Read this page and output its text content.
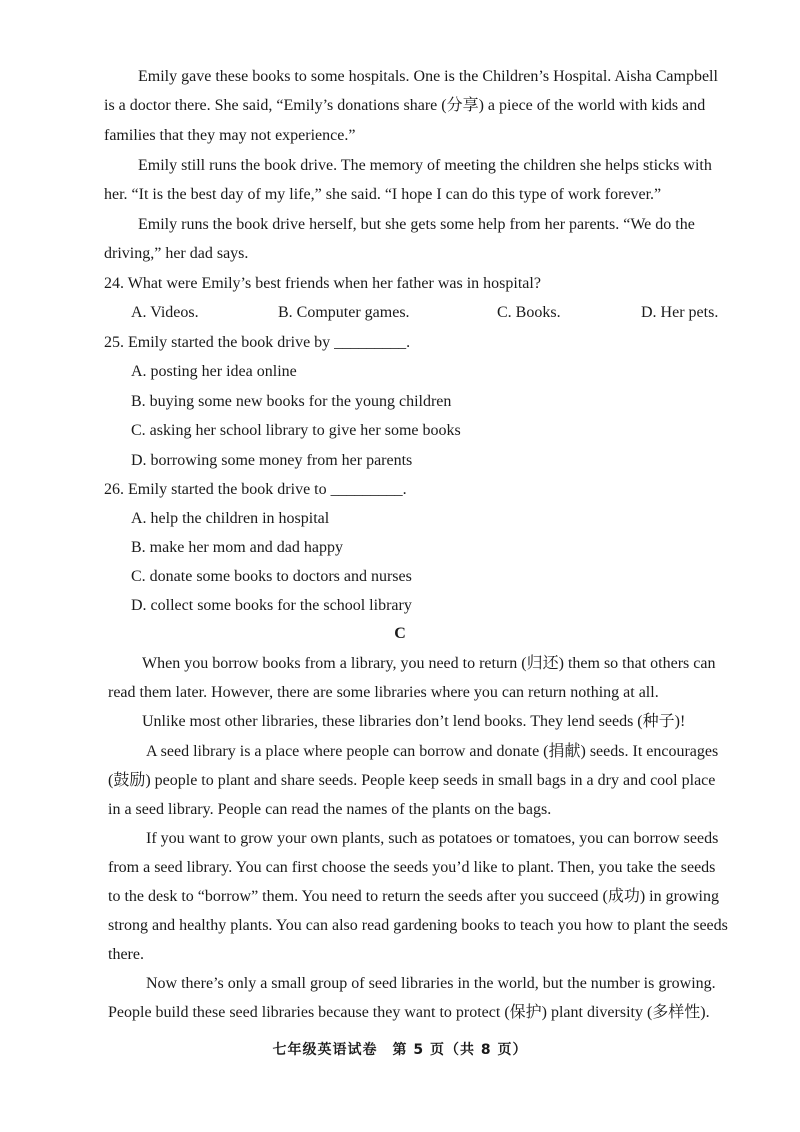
Emily gave these books to some hospitals. One is the Children’s Hospital. Aisha Campbell
is a doctor there. She said, “Emily’s donations share (分享) a piece of the world with kids and
families that they may not experience.”
Emily still runs the book drive. The memory of meeting the children she helps sticks with
her. “It is the best day of my life,” she said. “I hope I can do this type of work forever.”
Emily runs the book drive herself, but she gets some help from her parents. “We do the
driving,” her dad says.
24. What were Emily’s best friends when her father was in hospital?
A. Videos.	B. Computer games.	C. Books.	D. Her pets.
25. Emily started the book drive by _________.
A. posting her idea online
B. buying some new books for the young children
C. asking her school library to give her some books
D. borrowing some money from her parents
26. Emily started the book drive to _________.
A. help the children in hospital
B. make her mom and dad happy
C. donate some books to doctors and nurses
D. collect some books for the school library
C
When you borrow books from a library, you need to return (归还) them so that others can
read them later. However, there are some libraries where you can return nothing at all.
Unlike most other libraries, these libraries don’t lend books. They lend seeds (种子)!
A seed library is a place where people can borrow and donate (捐献) seeds. It encourages
(鼓励) people to plant and share seeds. People keep seeds in small bags in a dry and cool place
in a seed library. People can read the names of the plants on the bags.
If you want to grow your own plants, such as potatoes or tomatoes, you can borrow seeds
from a seed library. You can first choose the seeds you’d like to plant. Then, you take the seeds
to the desk to “borrow” them. You need to return the seeds after you succeed (成功) in growing
strong and healthy plants. You can also read gardening books to teach you how to plant the seeds
there.
Now there’s only a small group of seed libraries in the world, but the number is growing.
People build these seed libraries because they want to protect (保护) plant diversity (多样性).
七年级英语试卷　第 5 页（共 8 页）
